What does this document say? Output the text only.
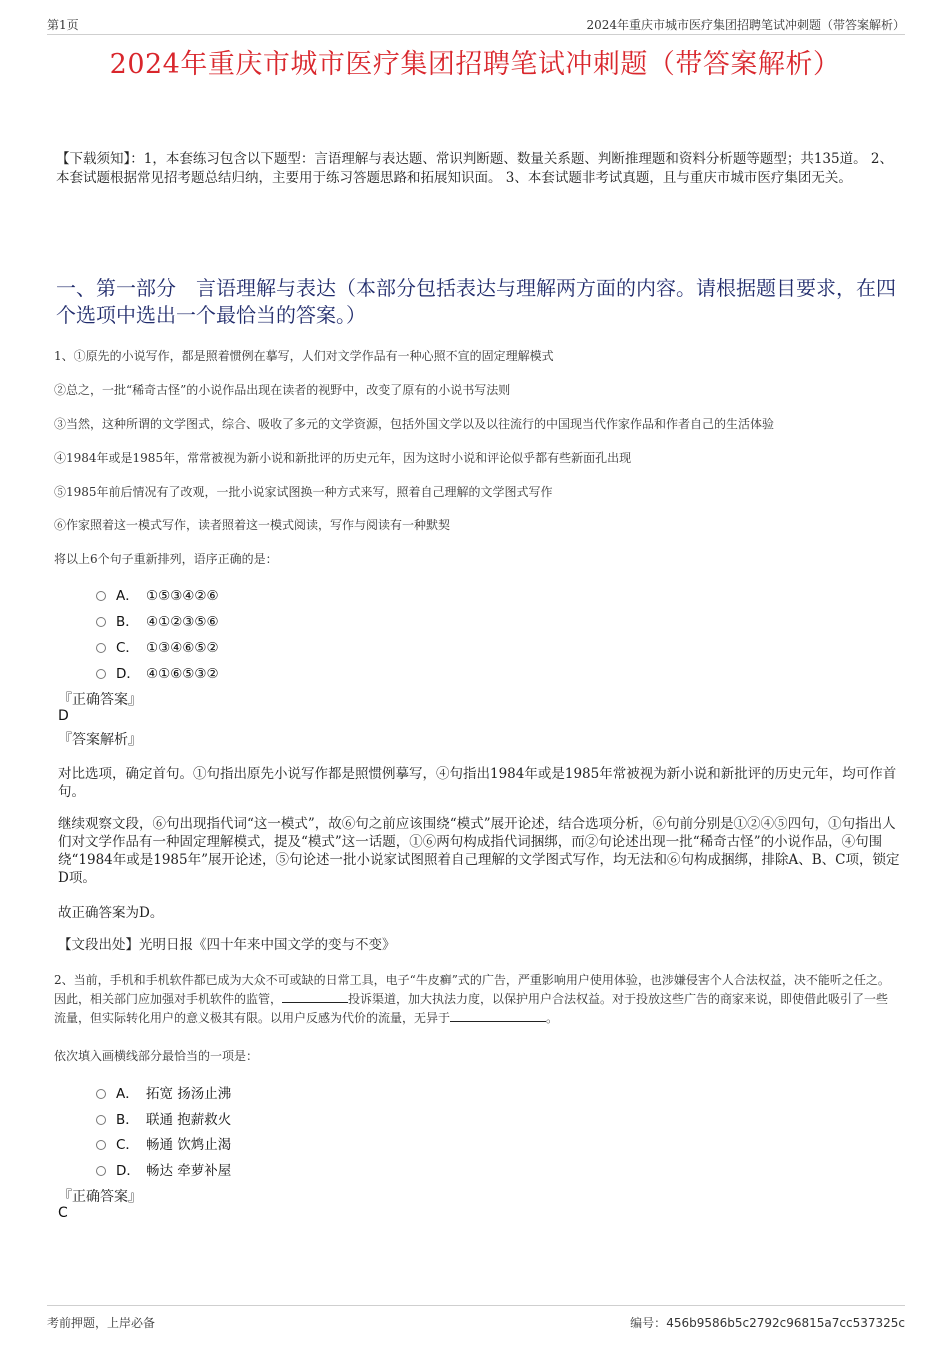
第1页	2024年重庆市城市医疗集团招聘笔试冲刺题（带答案解析）
2024年重庆市城市医疗集团招聘笔试冲刺题（带答案解析）
【下载须知】：1，本套练习包含以下题型：言语理解与表达题、常识判断题、数量关系题、判断推理题和资料分析题等题型；共135道。 2、本套试题根据常见招考题总结归纳，主要用于练习答题思路和拓展知识面。 3、本套试题非考试真题，且与重庆市城市医疗集团无关。
一、第一部分　言语理解与表达（本部分包括表达与理解两方面的内容。请根据题目要求，在四个选项中选出一个最恰当的答案。）
1、①原先的小说写作，都是照着惯例在摹写，人们对文学作品有一种心照不宣的固定理解模式
②总之，一批“稀奇古怪”的小说作品出现在读者的视野中，改变了原有的小说书写法则
③当然，这种所谓的文学图式，综合、吸收了多元的文学资源，包括外国文学以及以往流行的中国现当代作家作品和作者自己的生活体验
④1984年或是1985年，常常被视为新小说和新批评的历史元年，因为这时小说和评论似乎都有些新面孔出现
⑤1985年前后情况有了改观，一批小说家试图换一种方式来写，照着自己理解的文学图式写作
⑥作家照着这一模式写作，读者照着这一模式阅读，写作与阅读有一种默契
将以上6个句子重新排列，语序正确的是：
A． ①⑤③④②⑥
B． ④①②③⑤⑥
C． ①③④⑥⑤②
D． ④①⑥⑤③②
『正确答案』
D
『答案解析』
对比选项，确定首句。①句指出原先小说写作都是照惯例摹写，④句指出1984年或是1985年常被视为新小说和新批评的历史元年，均可作首句。
继续观察文段，⑥句出现指代词“这一模式”，故⑥句之前应该围绕“模式”展开论述，结合选项分析，⑥句前分别是①②④⑤四句，①句指出人们对文学作品有一种固定理解模式，提及“模式”这一话题，①⑥两句构成指代词捆绑，而②句论述出现一批“稀奇古怪”的小说作品，④句围绕“1984年或是1985年”展开论述，⑤句论述一批小说家试图照着自己理解的文学图式写作，均无法和⑥句构成捆绑，排除A、B、C项，锁定D项。
故正确答案为D。
【文段出处】光明日报《四十年来中国文学的变与不变》
2、当前，手机和手机软件都已成为大众不可或缺的日常工具，电子“牛皮癣”式的广告，严重影响用户使用体验，也涉嫌侵害个人合法权益，决不能听之任之。因此，相关部门应加强对手机软件的监管，	投诉渠道，加大执法力度，以保护用户合法权益。对于投放这些广告的商家来说，即使借此吸引了一些流量，但实际转化用户的意义极其有限。以用户反感为代价的流量，无异于	。
依次填入画横线部分最恰当的一项是：
A． 拓宽 扬汤止沸
B． 联通 抱薪救火
C． 畅通 饮鸩止渴
D． 畅达 牵萝补屋
『正确答案』
C
考前押题，上岸必备	编号：456b9586b5c2792c96815a7cc537325c
